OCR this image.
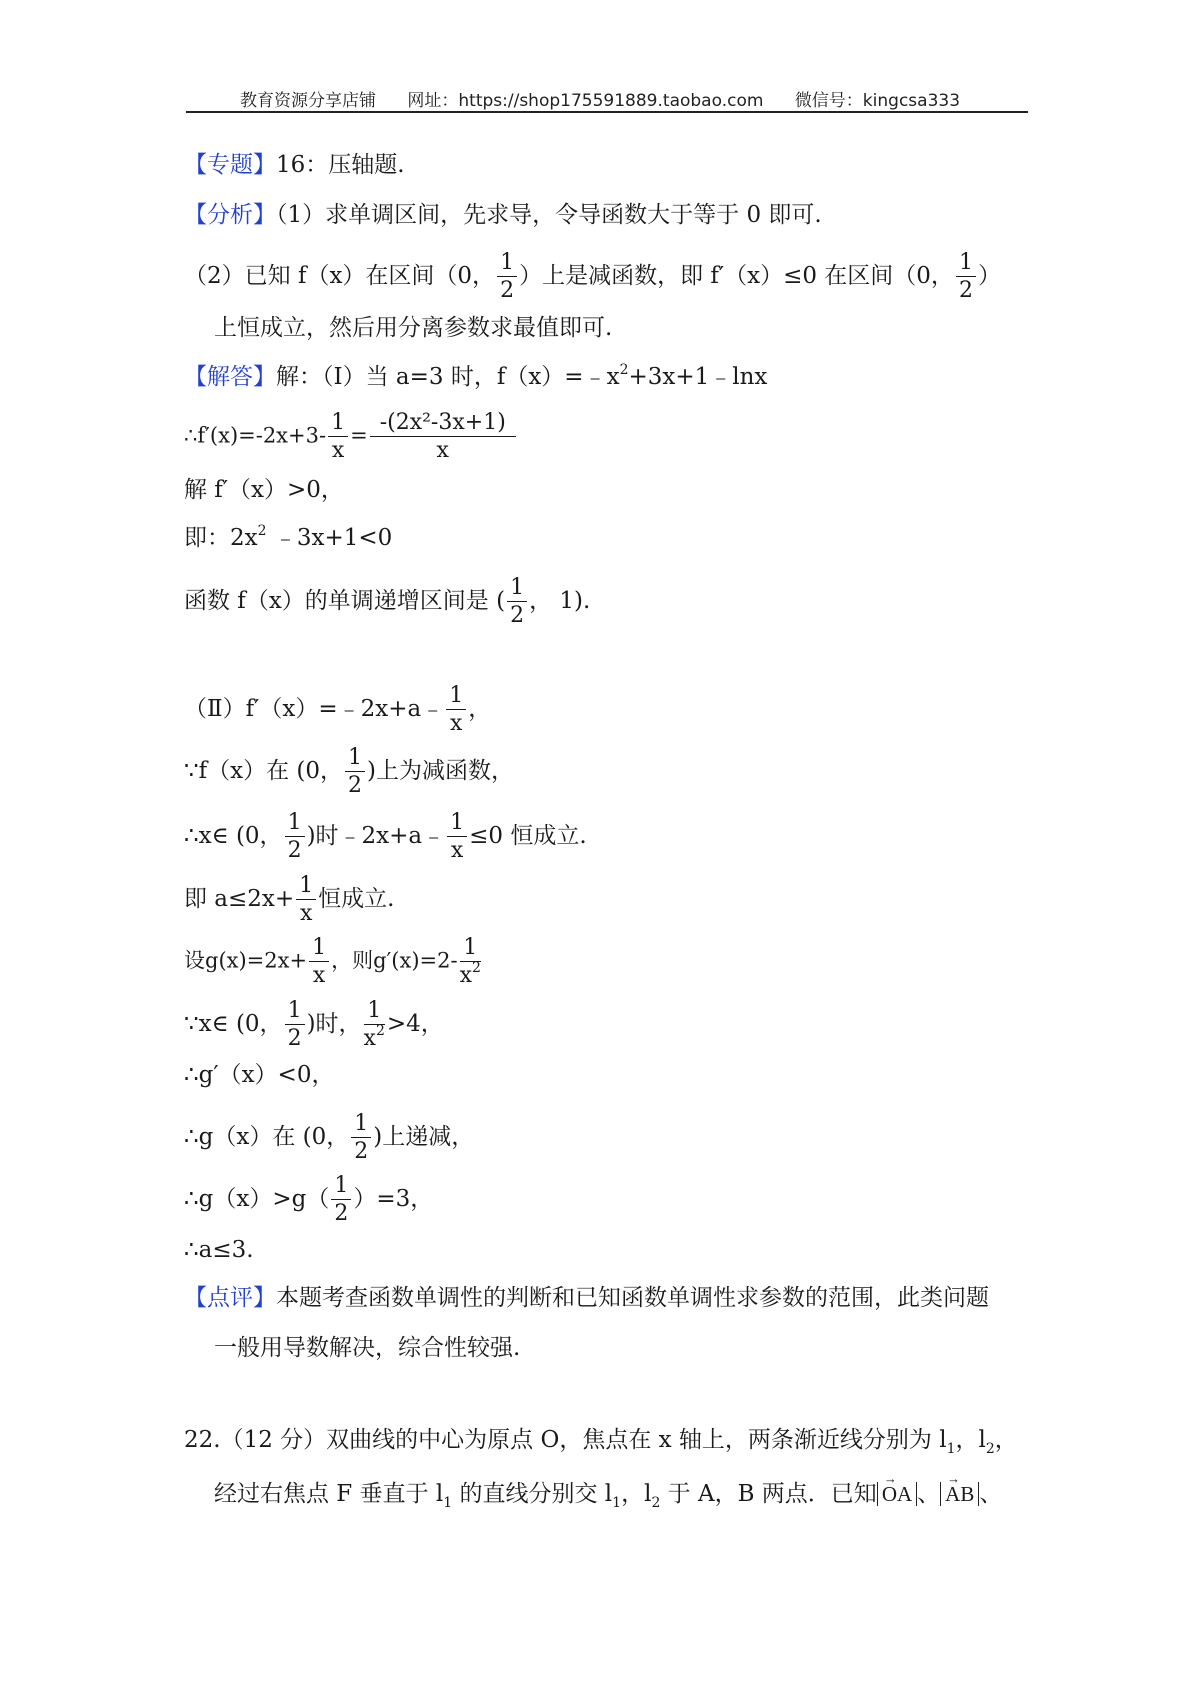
教育资源分享店铺 网址：https://shop175591889.taobao.com 微信号：kingcsa333
【专题】16：压轴题.
【分析】（1）求单调区间，先求导，令导函数大于等于 0 即可.
（2）已知 f（x）在区间（0， $\frac{1}{2}$ ）上是减函数，即 f′（x）≤0 在区间（0， $\frac{1}{2}$ ）
上恒成立，然后用分离参数求最值即可.
【解答】解：（Ⅰ）当 a=3 时，$f(x)=﹣x^2+3x+1﹣\ln x$
∴f′(x)=-2x+3- $\frac{1}{x} = \frac{\text{-(2x²-3x+1)}}{x}$
解 f′（x）>0，
即：$2x^2$ ﹣3x+1<0
函数 f（x）的单调递增区间是 ( $\frac{1}{2}$ ， 1).
（Ⅱ）f′（x）=﹣2x+a﹣ $\frac{1}{x}$ ，
∵f（x）在 (0， $\frac{1}{2}$ )上为减函数，
∴x∈ (0， $\frac{1}{2}$ )时﹣2x+a﹣ $\frac{1}{x} \le 0$ 恒成立.
即 $a\le 2x+ \frac{1}{x}$ 恒成立.
设$g(x)=2x+ \frac{1}{x}$ ，则$g'(x)=2- \frac{1}{x^2}$
∵x∈ (0， $\frac{1}{2}$ )时， $\frac{1}{x^2} >4$，
∴g′（x）<0，
∴g（x）在 (0， $\frac{1}{2}$ )上递减，
∴g（x）>g（ $\frac{1}{2} )=3$，
∴a≤3.
【点评】本题考查函数单调性的判断和已知函数单调性求参数的范围，此类问题
一般用导数解决，综合性较强.
22.（12 分）双曲线的中心为原点 O，焦点在 x 轴上，两条渐近线分别为 $l_1$，$l_2$，
经过右焦点 F 垂直于 $l_1$ 的直线分别交 $l_1$，$l_2$ 于 A，B 两点．已知 → OA 、 → AB 、
